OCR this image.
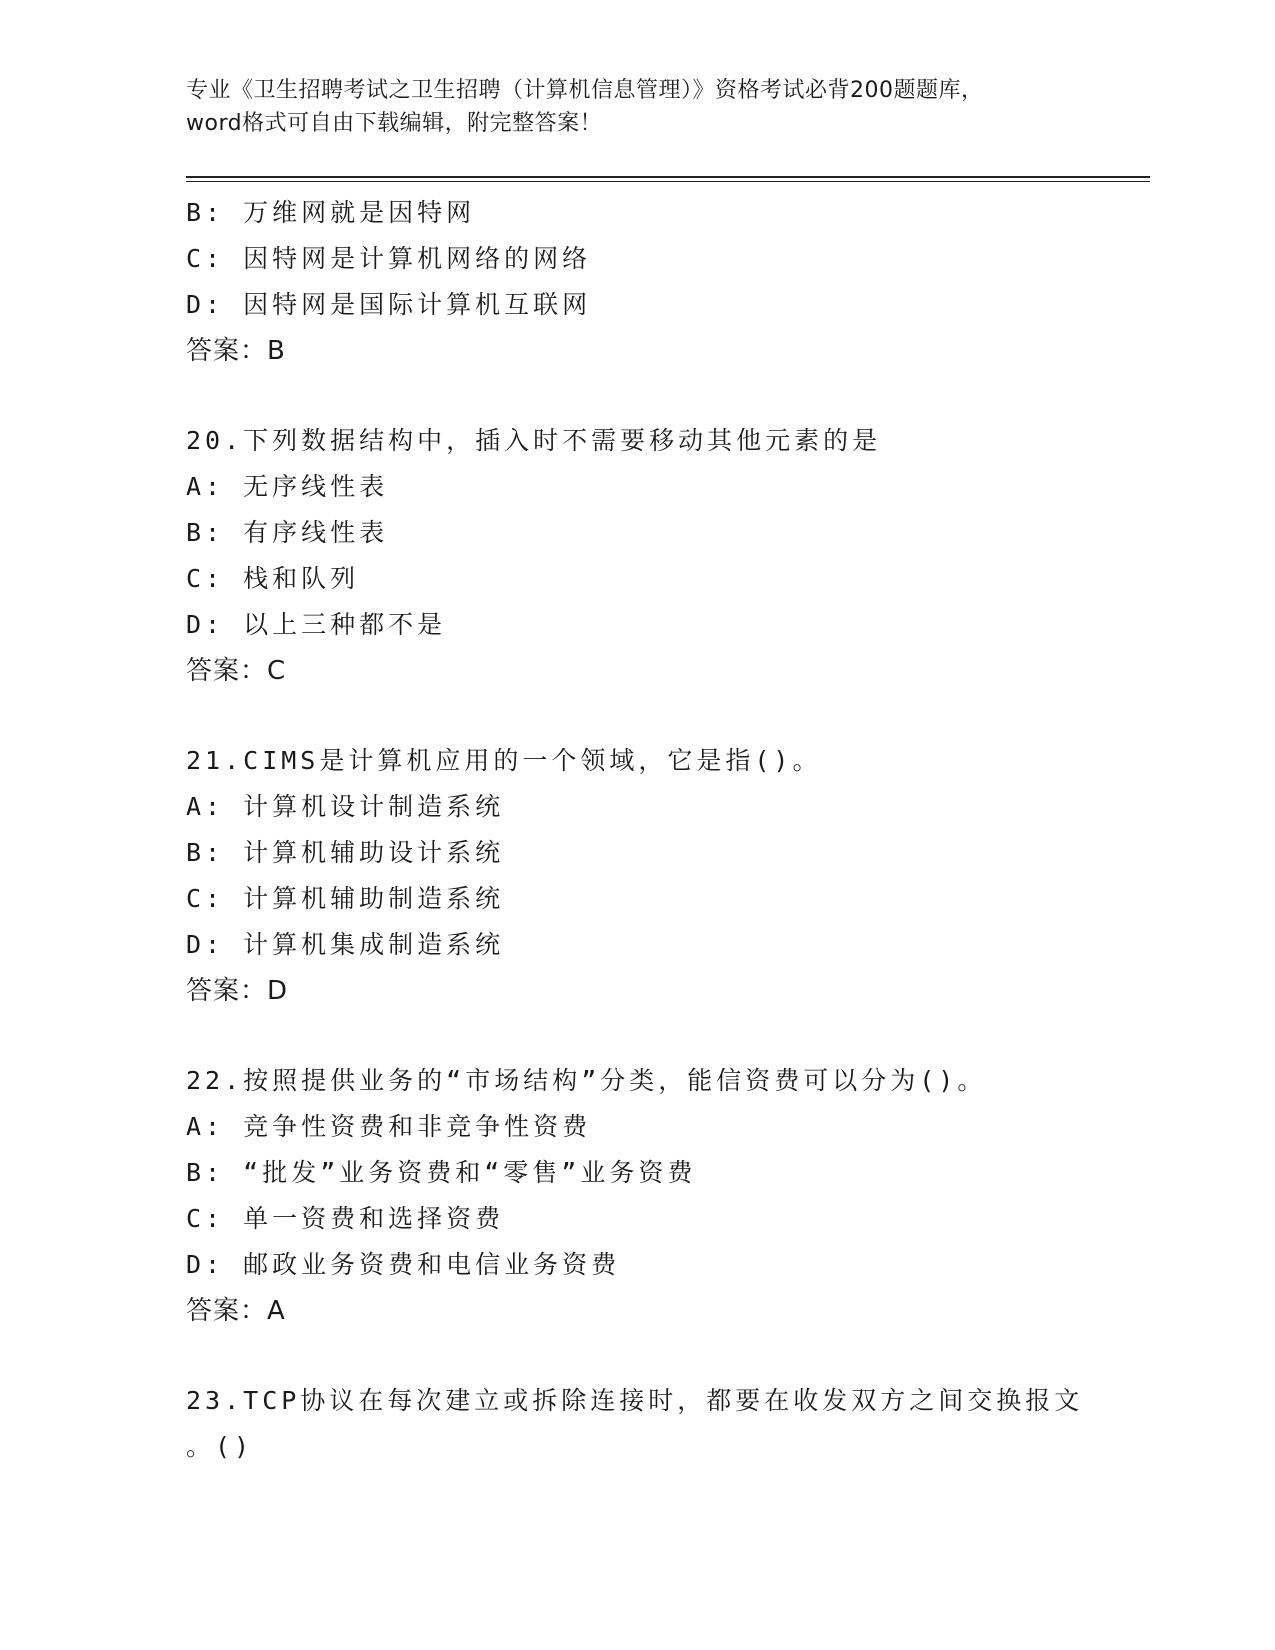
专业《卫生招聘考试之卫生招聘（计算机信息管理）》资格考试必背200题题库，
word格式可自由下载编辑，附完整答案！
B: 万维网就是因特网
C: 因特网是计算机网络的网络
D: 因特网是国际计算机互联网
答案：B
20.下列数据结构中，插入时不需要移动其他元素的是
A: 无序线性表
B: 有序线性表
C: 栈和队列
D: 以上三种都不是
答案：C
21.CIMS是计算机应用的一个领域，它是指()。
A: 计算机设计制造系统
B: 计算机辅助设计系统
C: 计算机辅助制造系统
D: 计算机集成制造系统
答案：D
22.按照提供业务的“市场结构”分类，能信资费可以分为()。
A: 竞争性资费和非竞争性资费
B: “批发”业务资费和“零售”业务资费
C: 单一资费和选择资费
D: 邮政业务资费和电信业务资费
答案：A
23.TCP协议在每次建立或拆除连接时，都要在收发双方之间交换报文
。()
